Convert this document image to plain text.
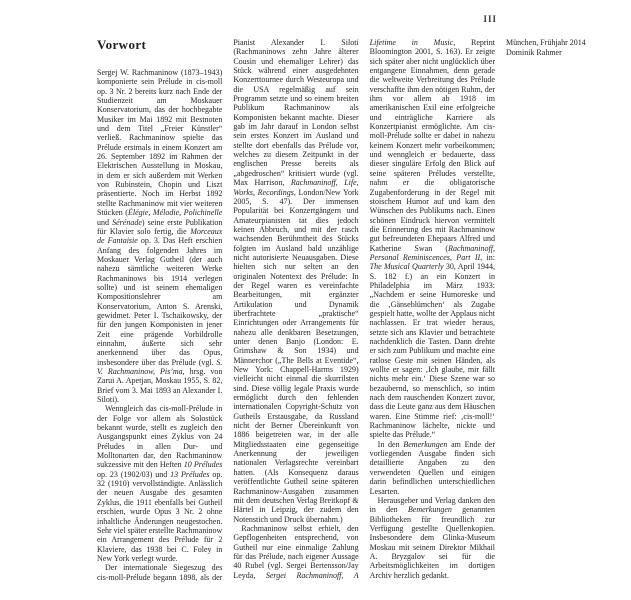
III
Vorwort

Sergej W. Rachmaninow (1873–1943) komponierte sein Prélude in cis-moll op. 3 Nr. 2 bereits kurz nach Ende der Studienzeit am Moskauer Konservatorium, das der hochbegabte Musiker im Mai 1892 mit Bestnoten und dem Titel „Freier Künstler“ verließ. Rachmaninow spielte das Prélude erstmals in einem Konzert am 26. September 1892 im Rahmen der Elektrischen Ausstellung in Moskau, in dem er sich außerdem mit Werken von Rubinstein, Chopin und Liszt präsentierte. Noch im Herbst 1892 stellte Rachmaninow mit vier weiteren Stücken (Élégie, Mélodie, Polichinelle und Sérénade) seine erste Publikation für Klavier solo fertig, die Morceaux de Fantaisie op. 3. Das Heft erschien Anfang des folgenden Jahres im Moskauer Verlag Gutheil (der auch nahezu sämtliche weiteren Werke Rachmaninows bis 1914 verlegen sollte) und ist seinem ehemaligen Kompositionslehrer am Konservatorium, Anton S. Arenski, gewidmet. Peter I. Tschaikowsky, der für den jungen Komponisten in jener Zeit eine prägende Vorbildrolle einnahm, äußerte sich sehr anerkennend über das Opus, insbesondere über das Prélude (vgl. S. V. Rachmaninow, Pis’ma, hrsg. von Zarui A. Apetjan, Moskau 1955, S. 82, Brief vom 3. Mai 1893 an Alexander I. Siloti).

Wenngleich das cis-moll-Prélude in der Folge vor allem als Solostück bekannt wurde, stellt es zugleich den Ausgangspunkt eines Zyklus von 24 Préludes in allen Dur- und Molltonarten dar, den Rachmaninow sukzessive mit den Heften 10 Préludes op. 23 (1902/03) und 13 Préludes op. 32 (1910) vervollständigte. Anlässlich der neuen Ausgabe des gesamten Zyklus, die 1911 ebenfalls bei Gutheil erschien, wurde Opus 3 Nr. 2 ohne inhaltliche Änderungen neugestochen. Sehr viel später erstellte Rachmaninow ein Arrangement des Prélude für 2 Klaviere, das 1938 bei C. Foley in New York verlegt wurde.

Der internationale Siegeszug des cis-moll-Prélude begann 1898, als der Pianist Alexander I. Siloti (Rachmaninows zehn Jahre älterer Cousin und ehemaliger Lehrer) das Stück während einer ausgedehnten Konzerttournee durch Westeuropa und die USA regelmäßig auf sein Programm setzte und so einem breiten Publikum Rachmaninow als Komponisten bekannt machte. Dieser gab im Jahr darauf in London selbst sein erstes Konzert im Ausland und stellte dort ebenfalls das Prélude vor, welches zu diesem Zeitpunkt in der englischen Presse bereits als „abgedroschen“ kritisiert wurde (vgl. Max Harrison, Rachmaninoff, Life, Works, Recordings, London/New York 2005, S. 47). Der immensen Popularität bei Konzertgängern und Amateurpianisten tat dies jedoch keinen Abbruch, und mit der rasch wachsenden Berühmtheit des Stücks folgten im Ausland bald unzählige nicht autorisierte Neuausgaben. Diese hielten sich nur selten an den originalen Notentext des Prélude: In der Regel waren es vereinfachte Bearbeitungen, mit ergänzter Artikulation und Dynamik überfrachtete „praktische“ Einrichtungen oder Arrangements für nahezu alle denkbaren Besetzungen, unter denen Banjo (London: E. Grimshaw & Son 1934) und Männerchor („The Bells at Eventide“, New York: Chappell-Harms 1929) vielleicht nicht einmal die skurrilsten sind. Diese völlig legale Praxis wurde ermöglicht durch den fehlenden internationalen Copyright-Schutz von Gutheils Erstausgabe, da Russland nicht der Berner Übereinkunft von 1886 beigetreten war, in der alle Mitgliedsstaaten eine gegenseitige Anerkennung der jeweiligen nationalen Verlagsrechte vereinbart hatten. (Als Konsequenz daraus veröffentlichte Gutheil seine späteren Rachmaninow-Ausgaben zusammen mit dem deutschen Verlag Breitkopf & Härtel in Leipzig, der zudem den Notenstich und Druck übernahm.)

Rachmaninow selbst erhielt, den Gepflogenheiten entsprechend, von Gutheil nur eine einmalige Zahlung für das Prélude, nach eigener Aussage 40 Rubel (vgl. Sergei Bertensson/Jay Leyda, Sergei Rachmaninoff, A Lifetime in Music, Reprint Bloomington 2001, S. 163). Er zeigte sich später aber nicht unglücklich über entgangene Einnahmen, denn gerade die weltweite Verbreitung des Prélude verschaffte ihm den nötigen Ruhm, der ihm vor allem ab 1918 im amerikanischen Exil eine erfolgreiche und einträgliche Karriere als Konzertpianist ermöglichte. Am cis-moll-Prélude sollte er dabei in nahezu keinem Konzert mehr vorbeikommen; und wenngleich er bedauerte, dass dieser singuläre Erfolg den Blick auf seine späteren Préludes verstellte, nahm er die obligatorische Zugabenforderung in der Regel mit stoischem Humor auf und kam den Wünschen des Publikums nach. Einen schönen Eindruck hiervon vermittelt die Erinnerung des mit Rachmaninow gut befreundeten Ehepaars Alfred und Katherine Swan (Rachmaninoff, Personal Reminiscences, Part II, in: The Musical Quarterly 30, April 1944, S. 182 f.) an ein Konzert in Philadelphia im März 1933: „Nachdem er seine Humoreske und die ‚Gänseblümchen‘ als Zugabe gespielt hatte, wollte der Applaus nicht nachlassen. Er trat wieder heraus, setzte sich ans Klavier und betrachtete nachdenklich die Tasten. Dann drehte er sich zum Publikum und machte eine ratlose Geste mit seinen Händen, als wollte er sagen: ‚Ich glaube, mir fällt nichts mehr ein.‘ Diese Szene war so bezaubernd, so menschlich, so intim nach dem rauschenden Konzert zuvor, dass die Leute ganz aus dem Häuschen waren. Eine Stimme rief: ‚cis-moll!‘ Rachmaninow lächelte, nickte und spielte das Prélude.“

In den Bemerkungen am Ende der vorliegenden Ausgabe finden sich detaillierte Angaben zu den verwendeten Quellen und einigen darin befindlichen unterschiedlichen Lesarten.

Herausgeber und Verlag danken den in den Bemerkungen genannten Bibliotheken für freundlich zur Verfügung gestellte Quellenkopien. Insbesondere dem Glinka-Museum Moskau mit seinem Direktor Mikhail A. Bryzgalov sei für die Arbeitsmöglichkeiten im dortigen Archiv herzlich gedankt.

München, Frühjahr 2014
Dominik Rahmer
